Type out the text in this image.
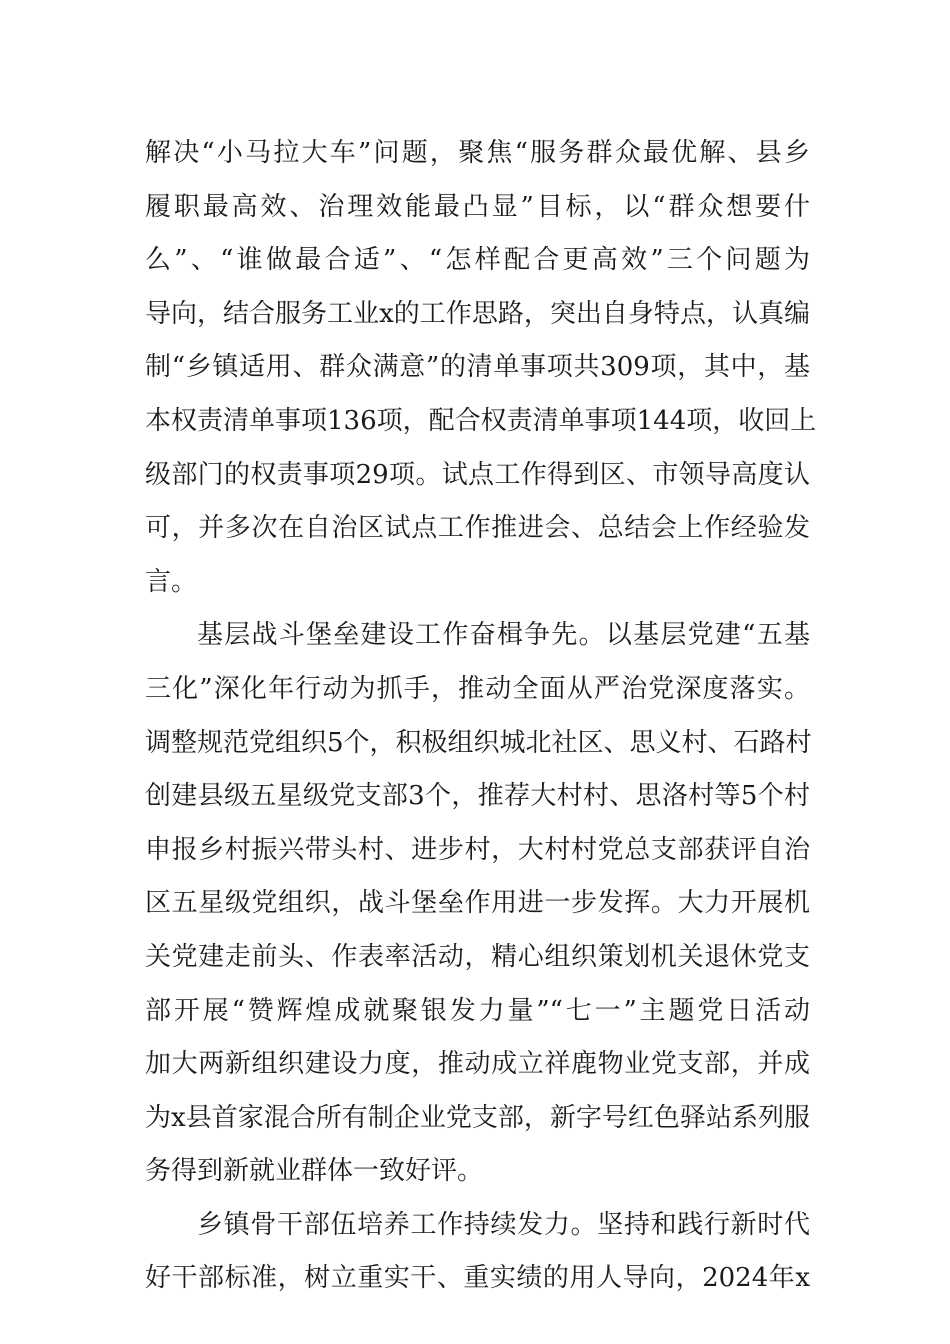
解决“小马拉大车”问题，聚焦“服务群众最优解、县乡
履职最高效、治理效能最凸显”目标，以“群众想要什
么”、“谁做最合适”、“怎样配合更高效”三个问题为
导向，结合服务工业x的工作思路，突出自身特点，认真编
制“乡镇适用、群众满意”的清单事项共309项，其中，基
本权责清单事项136项，配合权责清单事项144项，收回上
级部门的权责事项29项。试点工作得到区、市领导高度认
可，并多次在自治区试点工作推进会、总结会上作经验发
言。
基层战斗堡垒建设工作奋楫争先。以基层党建“五基
三化”深化年行动为抓手，推动全面从严治党深度落实。
调整规范党组织5个，积极组织城北社区、思义村、石路村
创建县级五星级党支部3个，推荐大村村、思洛村等5个村
申报乡村振兴带头村、进步村，大村村党总支部获评自治
区五星级党组织，战斗堡垒作用进一步发挥。大力开展机
关党建走前头、作表率活动，精心组织策划机关退休党支
部开展“赞辉煌成就聚银发力量”“七一”主题党日活动
加大两新组织建设力度，推动成立祥鹿物业党支部，并成
为x县首家混合所有制企业党支部，新字号红色驿站系列服
务得到新就业群体一致好评。
乡镇骨干部伍培养工作持续发力。坚持和践行新时代
好干部标准，树立重实干、重实绩的用人导向，2024年x
